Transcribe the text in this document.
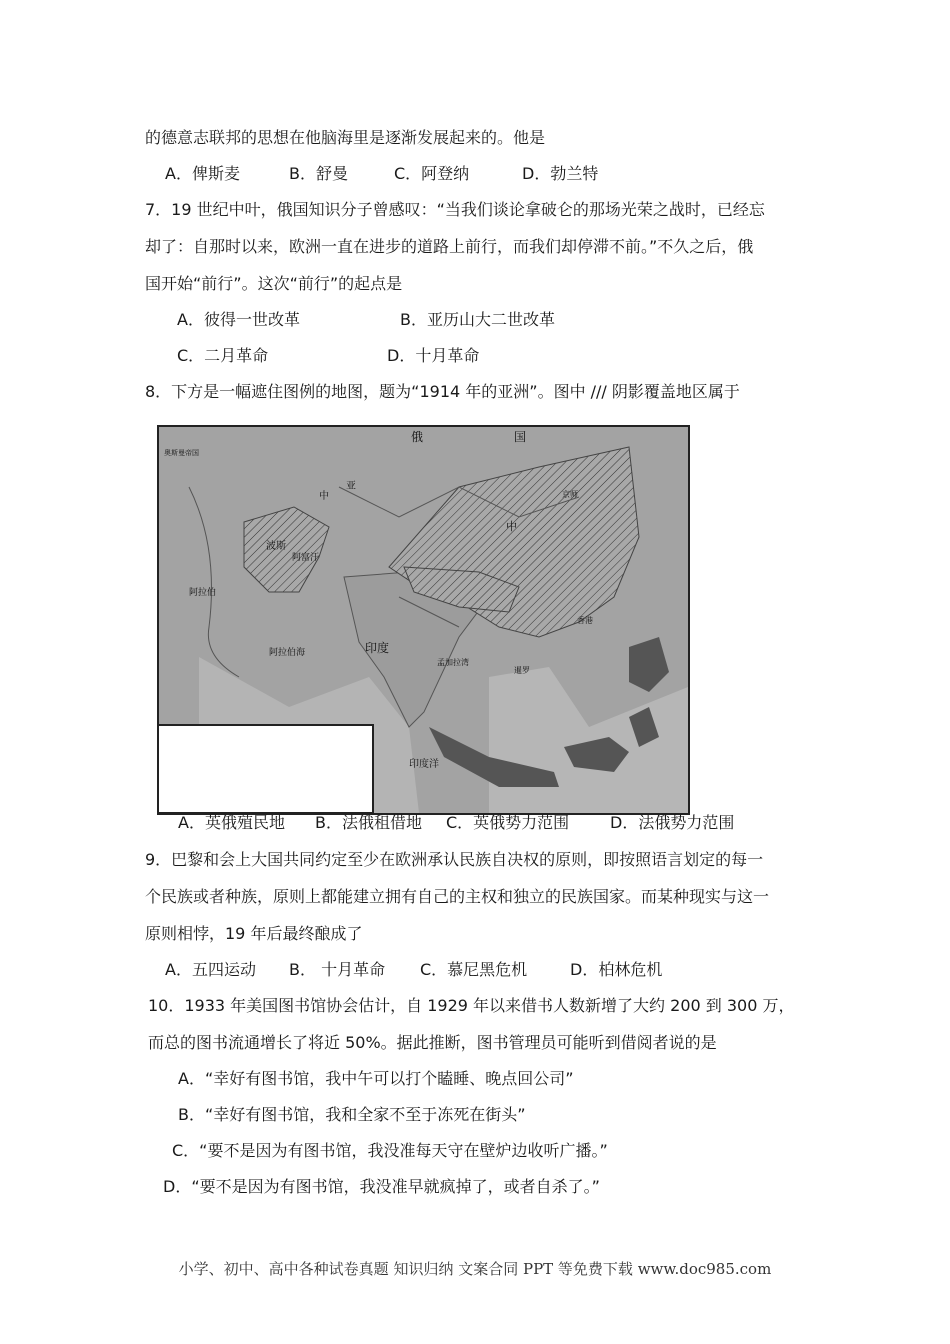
的德意志联邦的思想在他脑海里是逐渐发展起来的。他是
A．俾斯麦	B．舒曼	C．阿登纳	D．勃兰特
7．19 世纪中叶，俄国知识分子曾感叹：“当我们谈论拿破仑的那场光荣之战时，已经忘
却了：自那时以来，欧洲一直在进步的道路上前行，而我们却停滞不前。”不久之后，俄
国开始“前行”。这次“前行”的起点是
A．彼得一世改革	B．亚历山大二世改革
C．二月革命	D．十月革命
8．下方是一幅遮住图例的地图，题为“1914 年的亚洲”。图中 /// 阴影覆盖地区属于
俄	国
中
亚
中
波斯
阿富汗
印度
阿拉伯海
印度洋
孟加拉湾
京师
香港
暹罗
奥斯曼帝国
阿拉伯
A．英俄殖民地 B．法俄租借地 C．英俄势力范围	D．法俄势力范围
9．巴黎和会上大国共同约定至少在欧洲承认民族自决权的原则，即按照语言划定的每一
个民族或者种族，原则上都能建立拥有自己的主权和独立的民族国家。而某种现实与这一
原则相悖，19 年后最终酿成了
A．五四运动 B． 十月革命 C．慕尼黑危机	D．柏林危机
10．1933 年美国图书馆协会估计，自 1929 年以来借书人数新增了大约 200 到 300 万，
而总的图书流通增长了将近 50%。据此推断，图书管理员可能听到借阅者说的是
A．“幸好有图书馆，我中午可以打个瞌睡、晚点回公司”
B．“幸好有图书馆，我和全家不至于冻死在街头”
C．“要不是因为有图书馆，我没准每天守在壁炉边收听广播。”
D．“要不是因为有图书馆，我没准早就疯掉了，或者自杀了。”
小学、初中、高中各种试卷真题 知识归纳 文案合同 PPT 等免费下载 www.doc985.com
